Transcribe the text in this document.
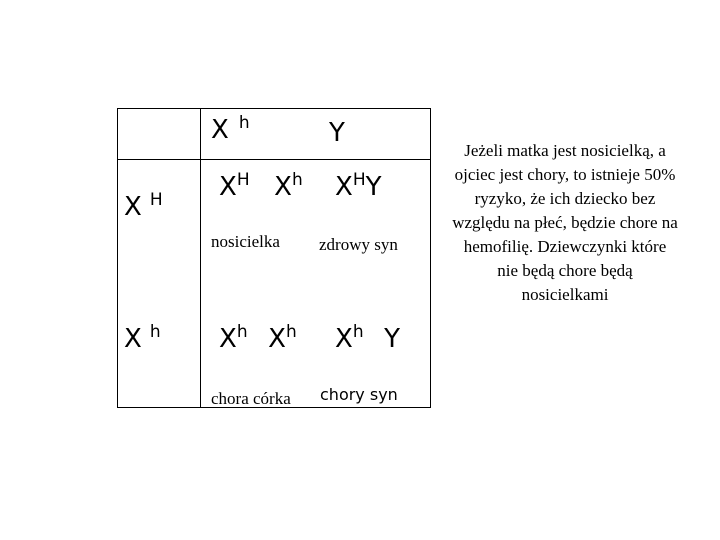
X $^h$	Y
X $^H$
X $^h$
$X^H$ $X^h$
nosicielka
$X^HY$
zdrowy syn
$X^h$ $X^h$
chora córka
$X^h$ Y
chory syn
Jeżeli matka jest nosicielką, a ojciec jest chory, to istnieje 50% ryzyko, że ich dziecko bez względu na płeć, będzie chore na hemofilię. Dziewczynki które nie będą chore będą nosicielkami
